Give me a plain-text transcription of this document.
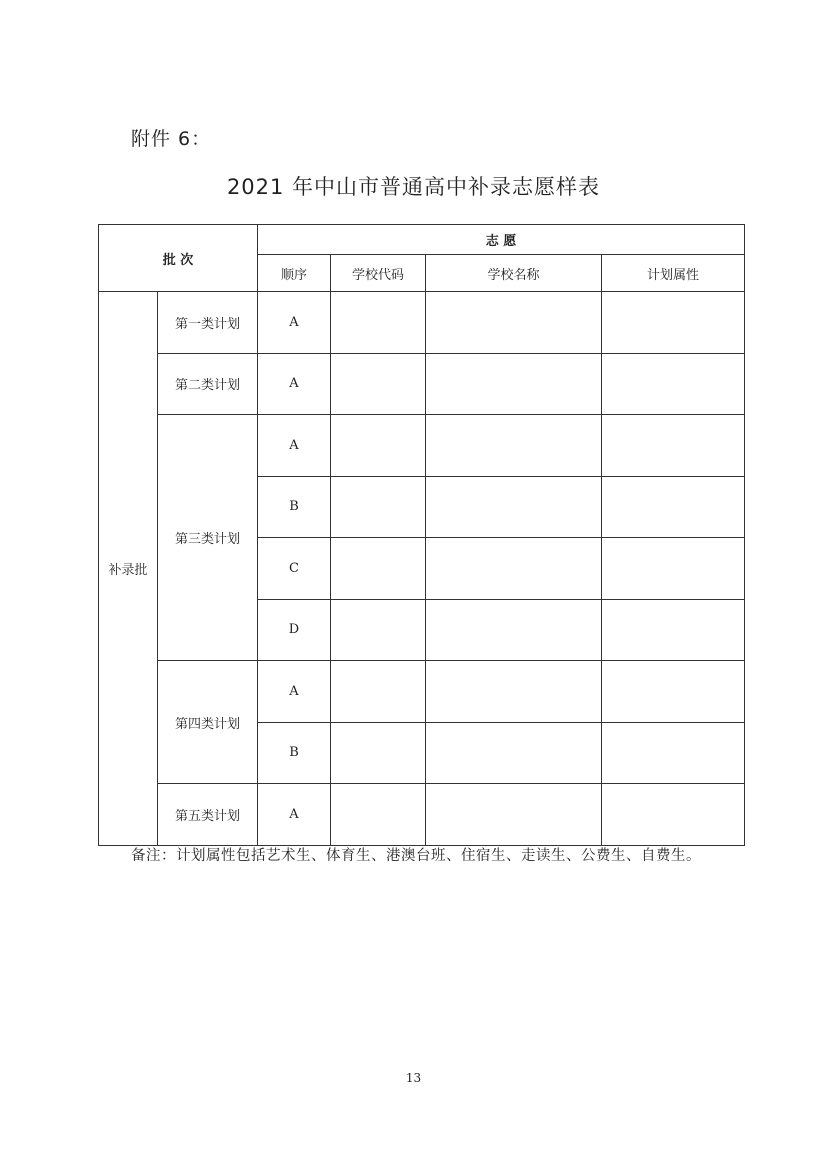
附件 6：
2021 年中山市普通高中补录志愿样表
批 次		志 愿			
		顺序	学校代码	学校名称	计划属性
补录批	第一类计划	A			
	第二类计划	A			
	第三类计划	A			
		B			
		C			
		D			
	第四类计划	A			
		B			
	第五类计划	A			
备注：计划属性包括艺术生、体育生、港澳台班、住宿生、走读生、公费生、自费生。
13
